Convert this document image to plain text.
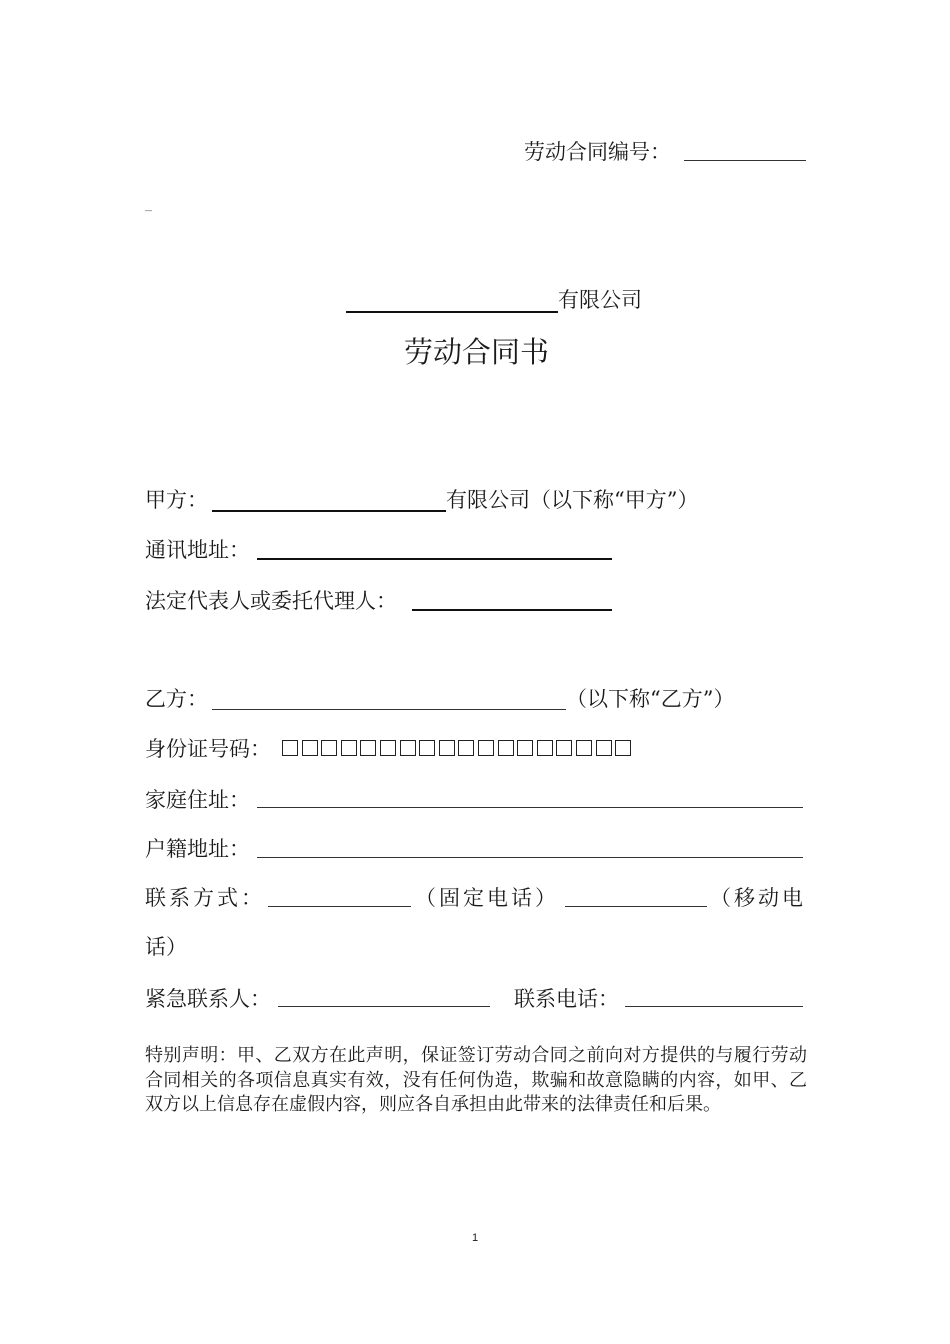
劳动合同编号：
_
有限公司
劳动合同书
甲方：	有限公司（以下称“甲方”）
通讯地址：
法定代表人或委托代理人：
乙方：	（以下称“乙方”）
身份证号码：
家庭住址：
户籍地址：
联系方式：	（固定电话）	（移动电
话）
紧急联系人：	联系电话：
特别声明：甲、乙双方在此声明，保证签订劳动合同之前向对方提供的与履行劳动合同相关的各项信息真实有效，没有任何伪造，欺骗和故意隐瞒的内容，如甲、乙双方以上信息存在虚假内容，则应各自承担由此带来的法律责任和后果。
1
